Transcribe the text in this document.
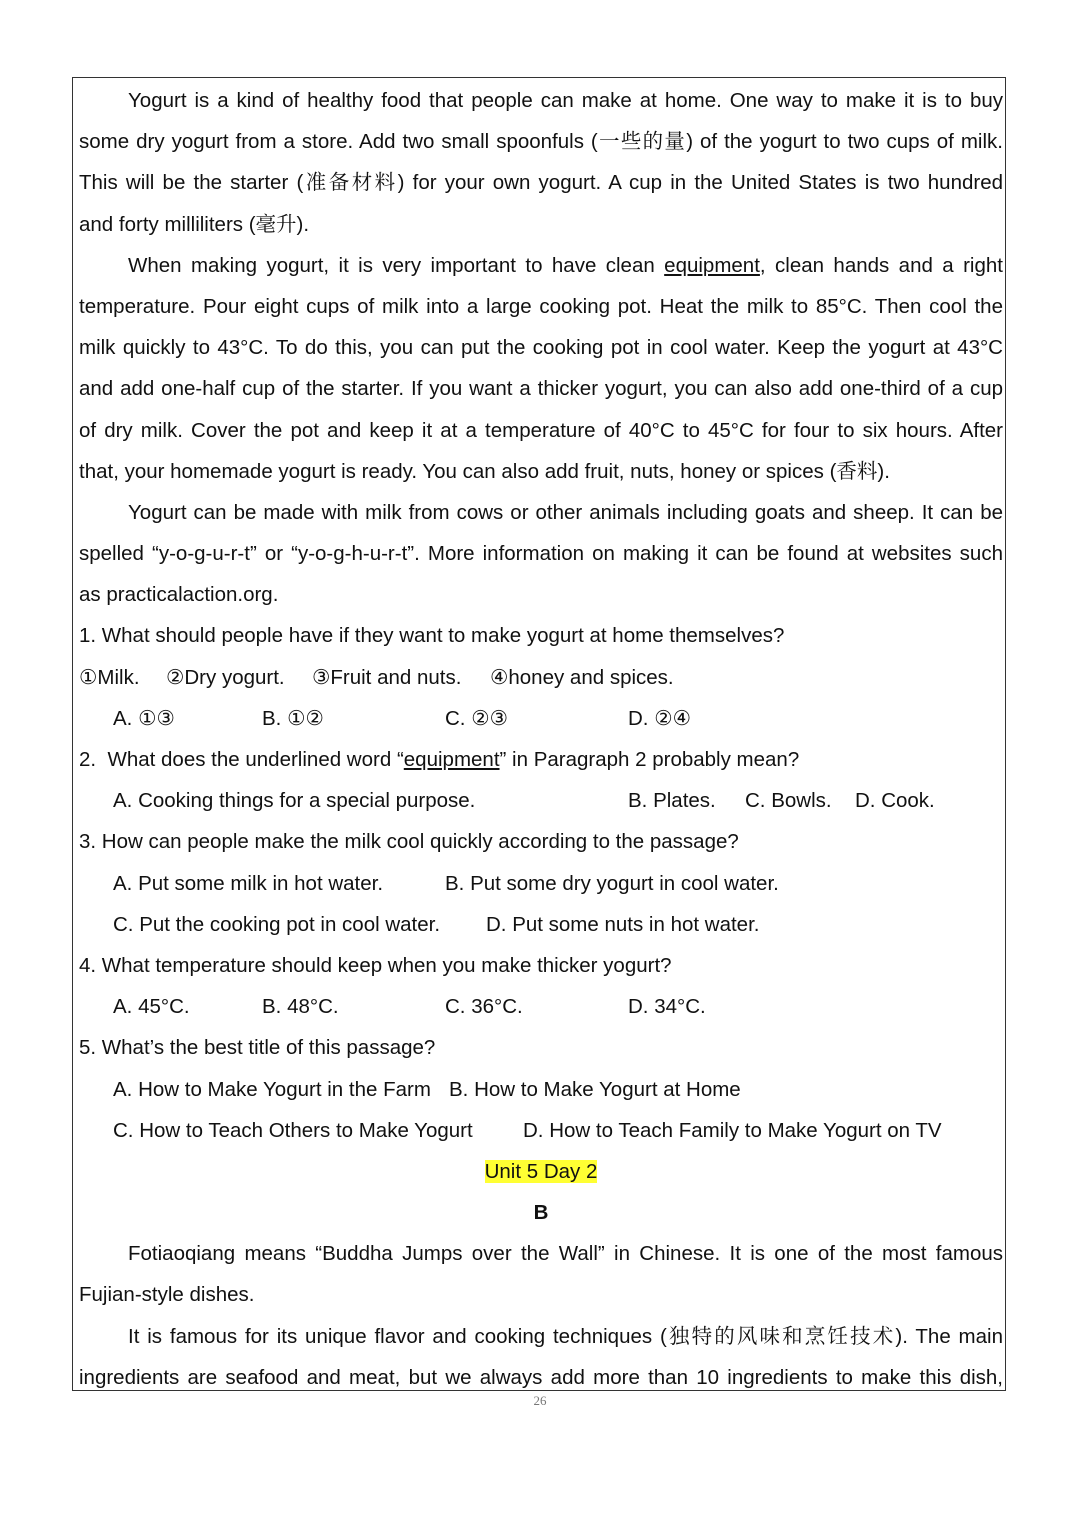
Yogurt is a kind of healthy food that people can make at home. One way to make it is to buy
some dry yogurt from a store. Add two small spoonfuls (一些的量) of the yogurt to two cups of milk.
This will be the starter (准备材料) for your own yogurt. A cup in the United States is two hundred
and forty milliliters (毫升).
When making yogurt, it is very important to have clean equipment, clean hands and a right
temperature. Pour eight cups of milk into a large cooking pot. Heat the milk to 85°C. Then cool the
milk quickly to 43°C. To do this, you can put the cooking pot in cool water. Keep the yogurt at 43°C
and add one-half cup of the starter. If you want a thicker yogurt, you can also add one-third of a cup
of dry milk. Cover the pot and keep it at a temperature of 40°C to 45°C for four to six hours. After
that, your homemade yogurt is ready. You can also add fruit, nuts, honey or spices (香料).
Yogurt can be made with milk from cows or other animals including goats and sheep. It can be
spelled “y-o-g-u-r-t” or “y-o-g-h-u-r-t”. More information on making it can be found at websites such
as practicalaction.org.
1. What should people have if they want to make yogurt at home themselves?
①Milk. ②Dry yogurt. ③Fruit and nuts. ④honey and spices.
A. ①③	B. ①②	C. ②③	D. ②④
2.  What does the underlined word “equipment” in Paragraph 2 probably mean?
A. Cooking things for a special purpose.	B. Plates. C. Bowls. D. Cook.
3. How can people make the milk cool quickly according to the passage?
A. Put some milk in hot water.	B. Put some dry yogurt in cool water.
C. Put the cooking pot in cool water. D. Put some nuts in hot water.
4. What temperature should keep when you make thicker yogurt?
A. 45°C.	B. 48°C.	C. 36°C.	D. 34°C.
5. What’s the best title of this passage?
A. How to Make Yogurt in the Farm B. How to Make Yogurt at Home
C. How to Teach Others to Make Yogurt D. How to Teach Family to Make Yogurt on TV
Unit 5 Day 2
B
Fotiaoqiang means “Buddha Jumps over the Wall” in Chinese. It is one of the most famous
Fujian-style dishes.
It is famous for its unique flavor and cooking techniques (独特的风味和烹饪技术). The main
ingredients are seafood and meat, but we always add more than 10 ingredients to make this dish,
26
